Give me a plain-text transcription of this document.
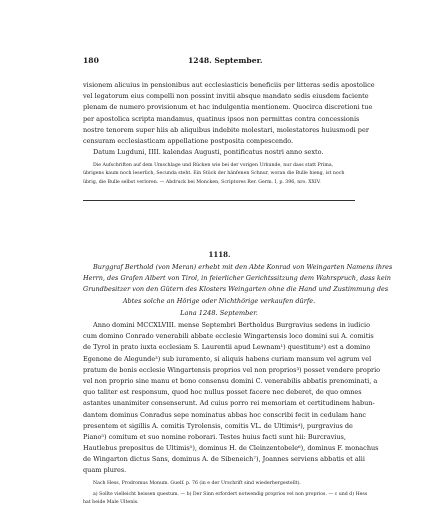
180	1248. September.
visionem alicuius in pensionibus aut ecclesiasticis beneficiis per litteras sedis apostolice
vel legatorum eius compelli non possint invitii absque mandato sedis eiusdem faciente
plenam de numero provisionum et hac indulgentia mentionem. Quocirca discretioni tue
per apostolica scripta mandamus, quatinus ipsos non permittas contra concessionis
nostre tenorem super hiis ab aliquibus indebite molestari, molestatores huiusmodi per
censuram ecclesiasticam appellatione postposita compescendo.
Datum Lugduni, IIII. kalendas Augusti, pontificatus nostri anno sexto.
Die Aufschriften auf dem Umschlage und Rücken wie bei der vorigen Urkunde, nur dass statt Prima,
übrigens kaum noch leserlich, Secunda steht. Ein Stück der hänfenen Schnur, woran die Bulle hieng, ist noch
übrig, die Bulle selbst verloren. — Abdruck bei Moncken, Scriptores Rer. Germ. I, p. 396, nro. XXIV.
1118.
Burggraf Berthold (von Meran) erhebt mit den Abte Konrad von Weingarten Namens ihres
Herrn, des Grafen Albert von Tirol, in feierlicher Gerichtssitzung dem Wahrspruch, dass kein
Grundbesitzer von den Gütern des Klosters Weingarten ohne die Hand und Zustimmung des
Abtes solche an Hörige oder Nichthörige verkaufen dürfe.
Lana 1248. September.
Anno domini MCCXLVIII. mense Septembri Bertholdus Burgravius sedens in iudicio
cum domino Conrado venerabili abbate ecclesie Wingartensis loco domini sui A. comitis
de Tyrol in prato iuxta ecclesiam S. Laurentii apud Lewnam¹) questitum²) est a domino
Egenone de Alegunde³) sub iuramento, si aliquis habens curiam mansum vel agrum vel
pratum de bonis ecclesie Wingartensis proprios vel non proprios³) posset vendere proprio
vel non proprio sine manu et bono consensu domini C. venerabilis abbatis prenominati, a
quo taliter est responsum, quod hoc nullus posset facere nec deberet, de quo omnes
astantes unanimiter consenserunt. Ad cuius porro rei memoriam et certitudinem habun-
dantem dominus Conradus sepe nominatus abbas hoc conscribi fecit in cedulam hanc
presentem et sigillis A. comitis Tyrolensis, comitis VL. de Ultimis⁴), purgravius de
Piano⁵) comitum et suo nomine roborari. Testes huius facti sunt hii: Burcravius,
Hautlebus prepositus de Ultimis⁵), dominus H. de Cleinzentobele⁶), dominus F. monachus
de Wingarton dictus Sans, dominus A. de Sibeneich⁷), Joannes serviens abbatis et alii
quam plures.
Nach Hess, Prodromus Monum. Guelf. p. 76 (in e der Urschrift sind wiederhergestellt).
a) Sollte vielleicht heissen questum. — b) Der Sinn erfordert notwendig proprios vel non proprios. — c und d) Hess
hat beide Male Ultenis.
